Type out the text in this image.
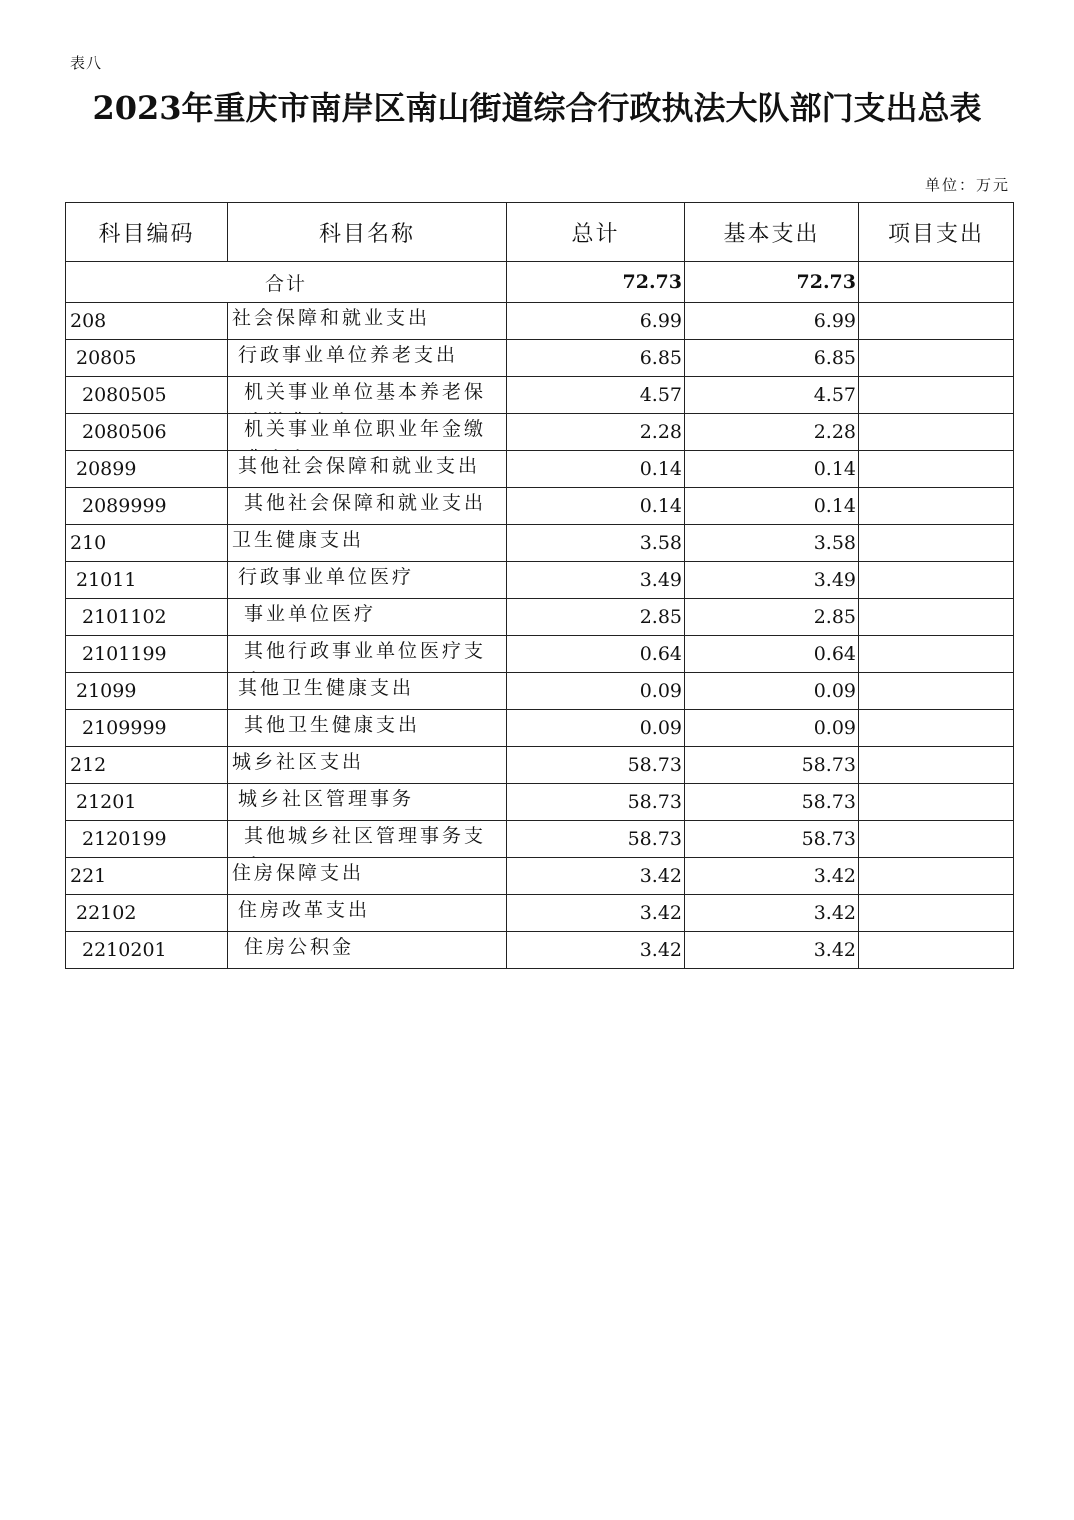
表八
2023年重庆市南岸区南山街道综合行政执法大队部门支出总表
单位：万元
科目编码	科目名称	总计	基本支出	项目支出
合计		72.73	72.73	
208	社会保障和就业支出	6.99	6.99	
20805	行政事业单位养老支出	6.85	6.85	
2080505	机关事业单位基本养老保	4.57	4.57	
2080506	机关事业单位职业年金缴	2.28	2.28	
20899	其他社会保障和就业支出	0.14	0.14	
2089999	其他社会保障和就业支出	0.14	0.14	
210	卫生健康支出	3.58	3.58	
21011	行政事业单位医疗	3.49	3.49	
2101102	事业单位医疗	2.85	2.85	
2101199	其他行政事业单位医疗支	0.64	0.64	
21099	其他卫生健康支出	0.09	0.09	
2109999	其他卫生健康支出	0.09	0.09	
212	城乡社区支出	58.73	58.73	
21201	城乡社区管理事务	58.73	58.73	
2120199	其他城乡社区管理事务支	58.73	58.73	
221	住房保障支出	3.42	3.42	
22102	住房改革支出	3.42	3.42	
2210201	住房公积金	3.42	3.42	
